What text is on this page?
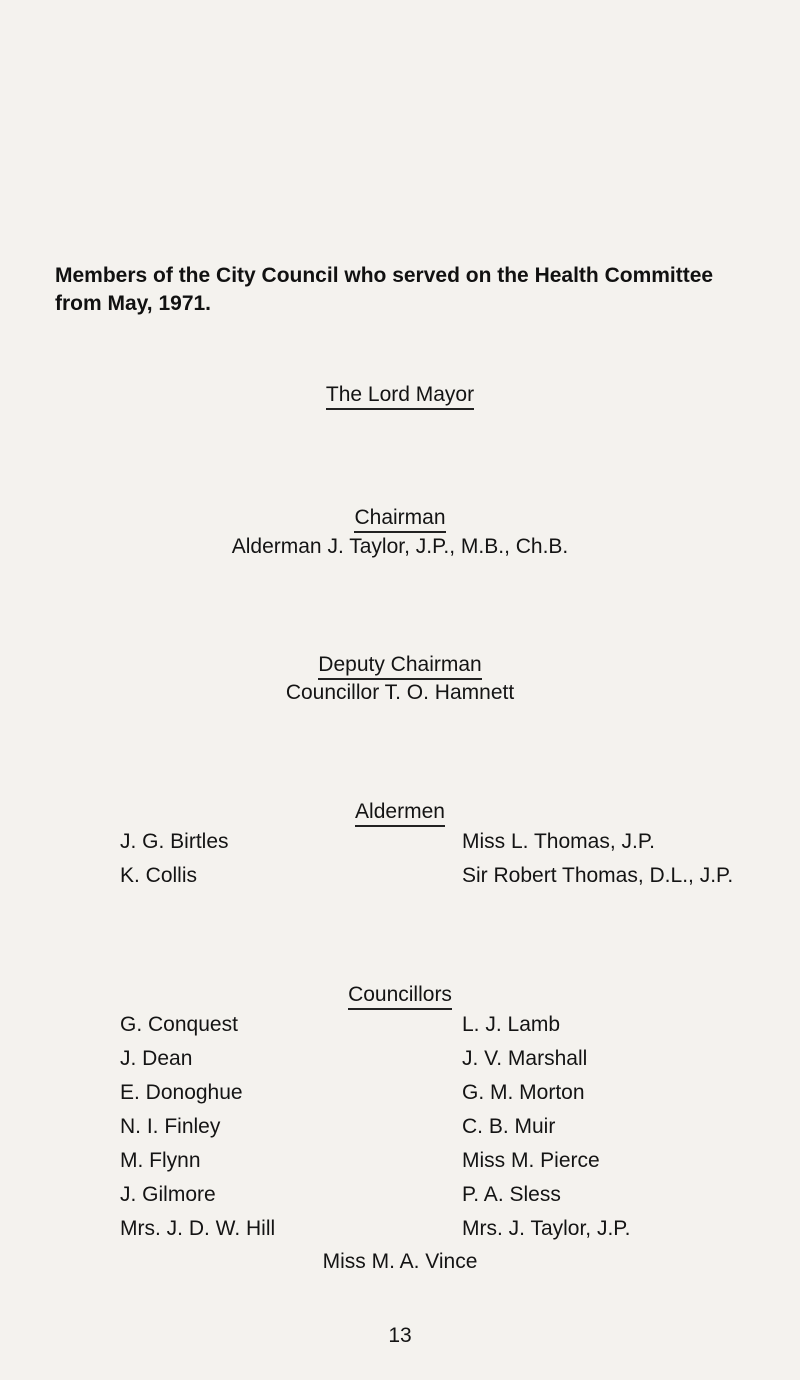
Members of the City Council who served on the Health Committee from May, 1971.
The Lord Mayor
Chairman
Alderman J. Taylor, J.P., M.B., Ch.B.
Deputy Chairman
Councillor T. O. Hamnett
Aldermen
J. G. Birtles
K. Collis
Miss L. Thomas, J.P.
Sir Robert Thomas, D.L., J.P.
Councillors
G. Conquest
J. Dean
E. Donoghue
N. I. Finley
M. Flynn
J. Gilmore
Mrs. J. D. W. Hill
L. J. Lamb
J. V. Marshall
G. M. Morton
C. B. Muir
Miss M. Pierce
P. A. Sless
Mrs. J. Taylor, J.P.
Miss M. A. Vince
13
